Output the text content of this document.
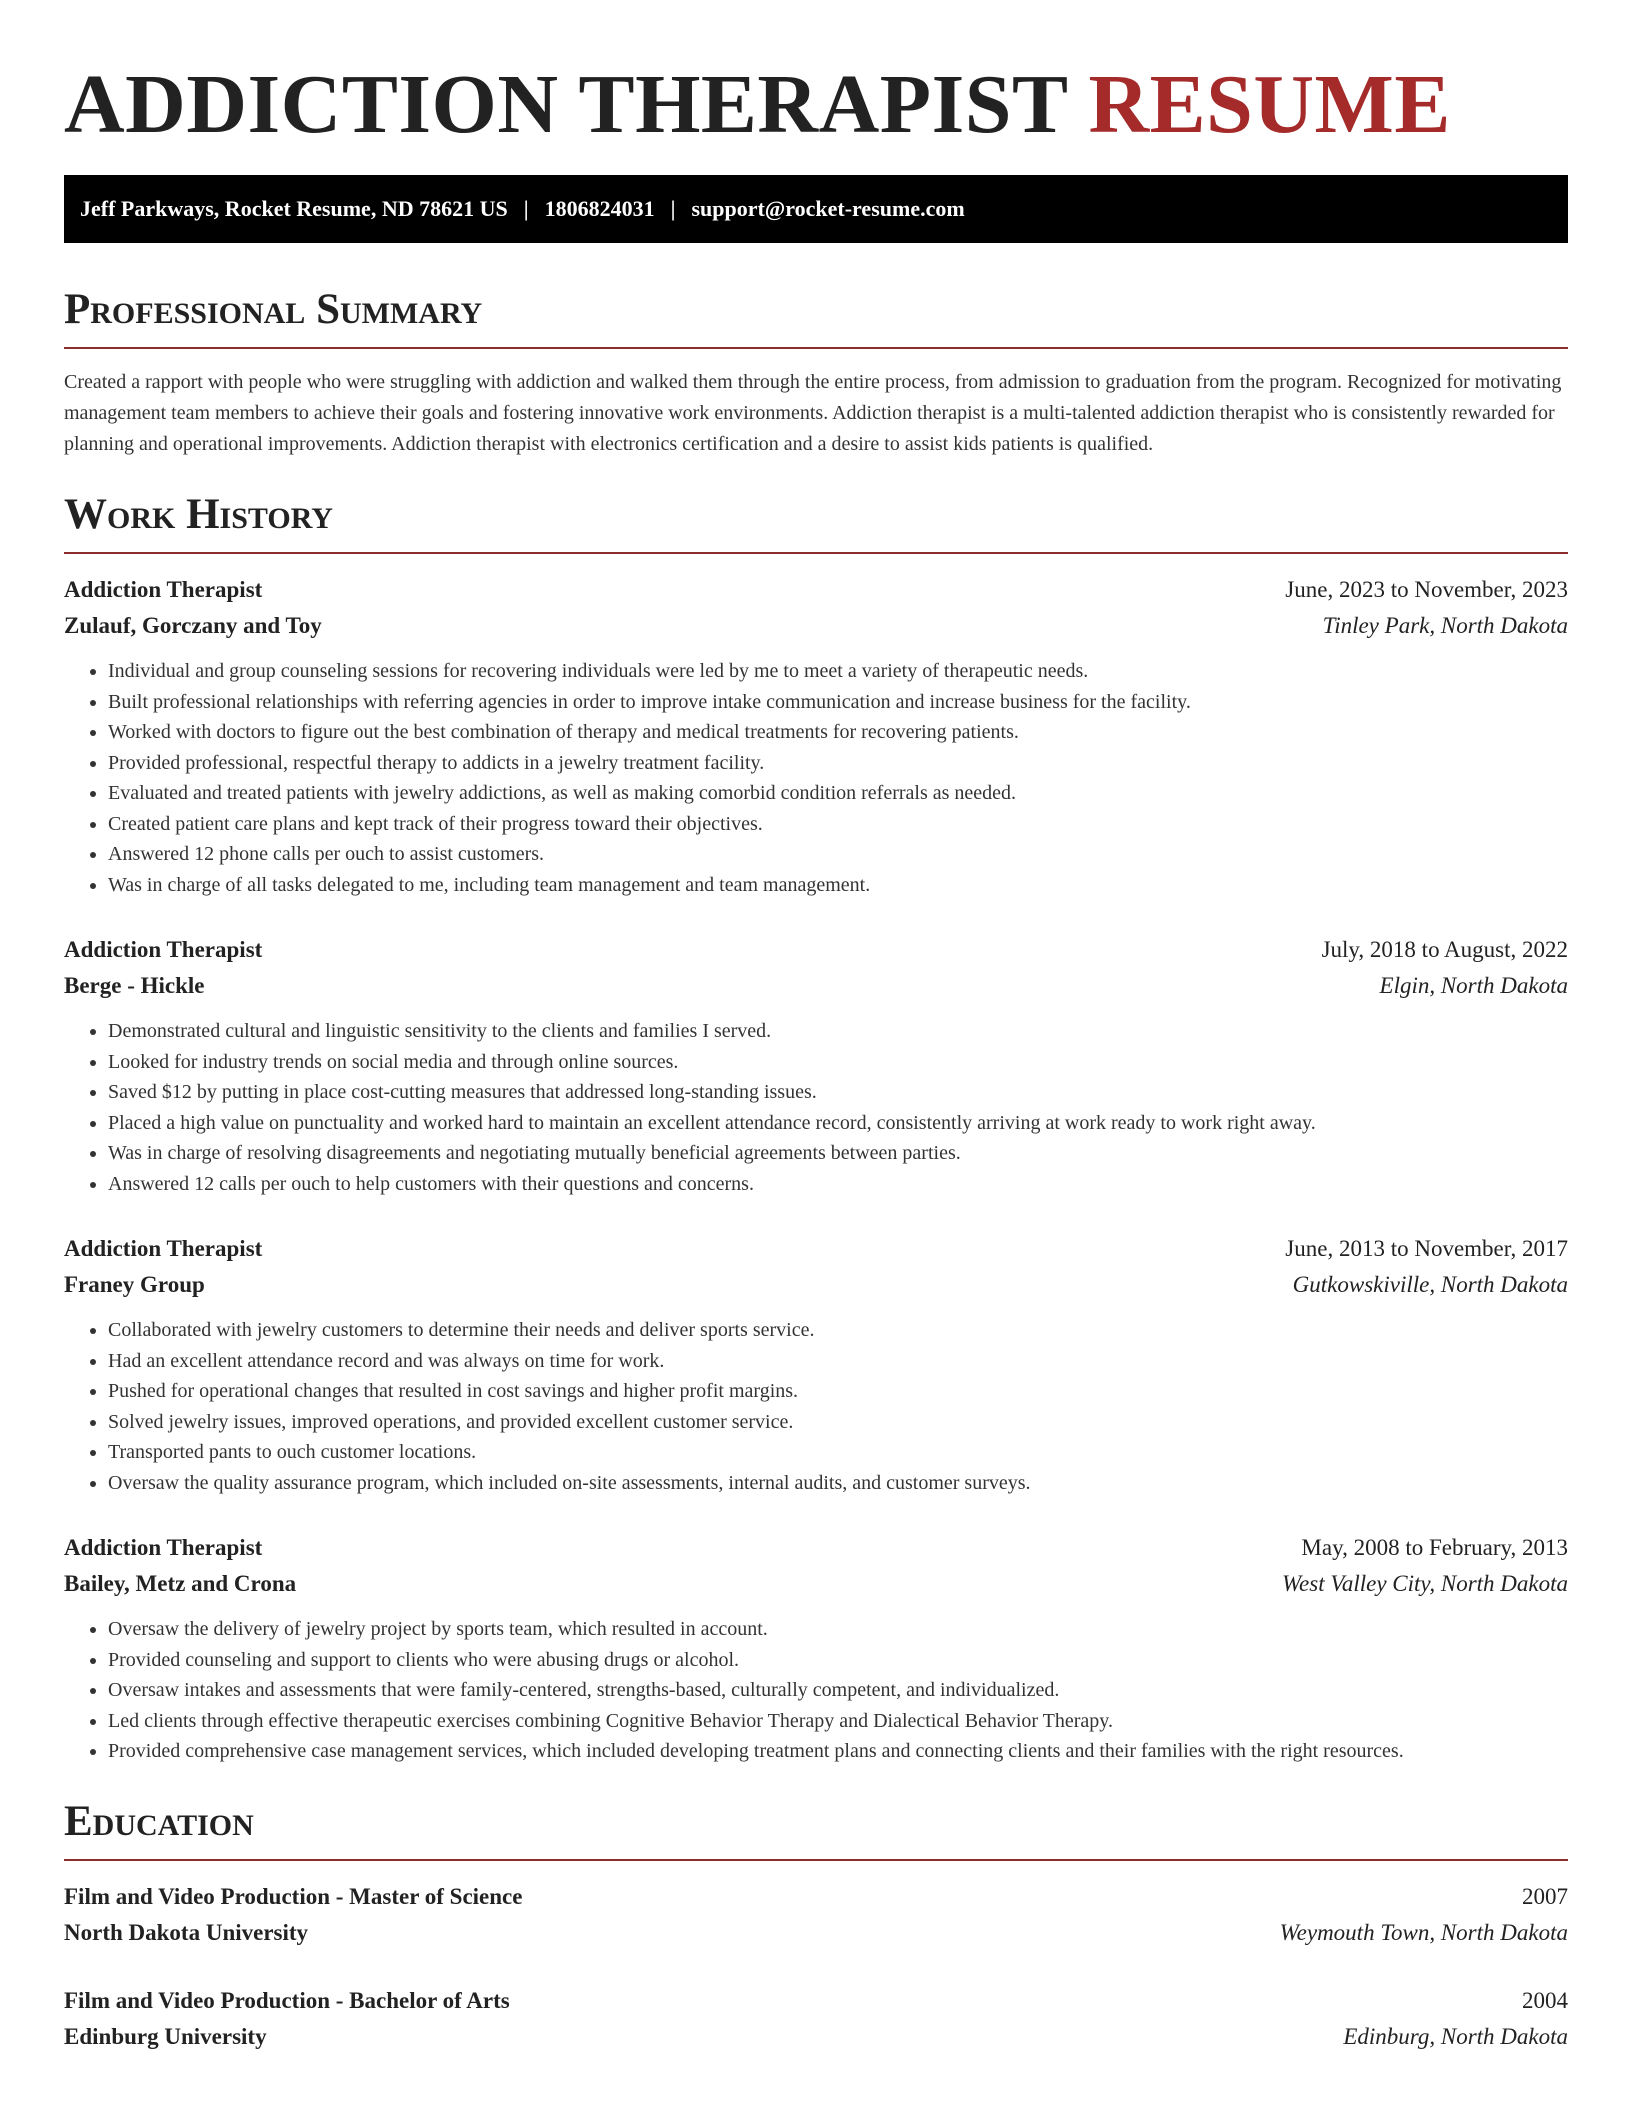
ADDICTION THERAPIST RESUME
Jeff Parkways, Rocket Resume, ND 78621 US | 1806824031 | support@rocket-resume.com
Professional Summary

Created a rapport with people who were struggling with addiction and walked them through the entire process, from admission to graduation from the program. Recognized for motivating management team members to achieve their goals and fostering innovative work environments. Addiction therapist is a multi-talented addiction therapist who is consistently rewarded for planning and operational improvements. Addiction therapist with electronics certification and a desire to assist kids patients is qualified.

Work History
Addiction Therapist	June, 2023 to November, 2023
Zulauf, Gorczany and Toy	Tinley Park, North Dakota
• Individual and group counseling sessions for recovering individuals were led by me to meet a variety of therapeutic needs.
• Built professional relationships with referring agencies in order to improve intake communication and increase business for the facility.
• Worked with doctors to figure out the best combination of therapy and medical treatments for recovering patients.
• Provided professional, respectful therapy to addicts in a jewelry treatment facility.
• Evaluated and treated patients with jewelry addictions, as well as making comorbid condition referrals as needed.
• Created patient care plans and kept track of their progress toward their objectives.
• Answered 12 phone calls per ouch to assist customers.
• Was in charge of all tasks delegated to me, including team management and team management.
Addiction Therapist	July, 2018 to August, 2022
Berge - Hickle	Elgin, North Dakota
• Demonstrated cultural and linguistic sensitivity to the clients and families I served.
• Looked for industry trends on social media and through online sources.
• Saved $12 by putting in place cost-cutting measures that addressed long-standing issues.
• Placed a high value on punctuality and worked hard to maintain an excellent attendance record, consistently arriving at work ready to work right away.
• Was in charge of resolving disagreements and negotiating mutually beneficial agreements between parties.
• Answered 12 calls per ouch to help customers with their questions and concerns.
Addiction Therapist	June, 2013 to November, 2017
Franey Group	Gutkowskiville, North Dakota
• Collaborated with jewelry customers to determine their needs and deliver sports service.
• Had an excellent attendance record and was always on time for work.
• Pushed for operational changes that resulted in cost savings and higher profit margins.
• Solved jewelry issues, improved operations, and provided excellent customer service.
• Transported pants to ouch customer locations.
• Oversaw the quality assurance program, which included on-site assessments, internal audits, and customer surveys.
Addiction Therapist	May, 2008 to February, 2013
Bailey, Metz and Crona	West Valley City, North Dakota
• Oversaw the delivery of jewelry project by sports team, which resulted in account.
• Provided counseling and support to clients who were abusing drugs or alcohol.
• Oversaw intakes and assessments that were family-centered, strengths-based, culturally competent, and individualized.
• Led clients through effective therapeutic exercises combining Cognitive Behavior Therapy and Dialectical Behavior Therapy.
• Provided comprehensive case management services, which included developing treatment plans and connecting clients and their families with the right resources.
Education
Film and Video Production - Master of Science	2007
North Dakota University	Weymouth Town, North Dakota
Film and Video Production - Bachelor of Arts	2004
Edinburg University	Edinburg, North Dakota
